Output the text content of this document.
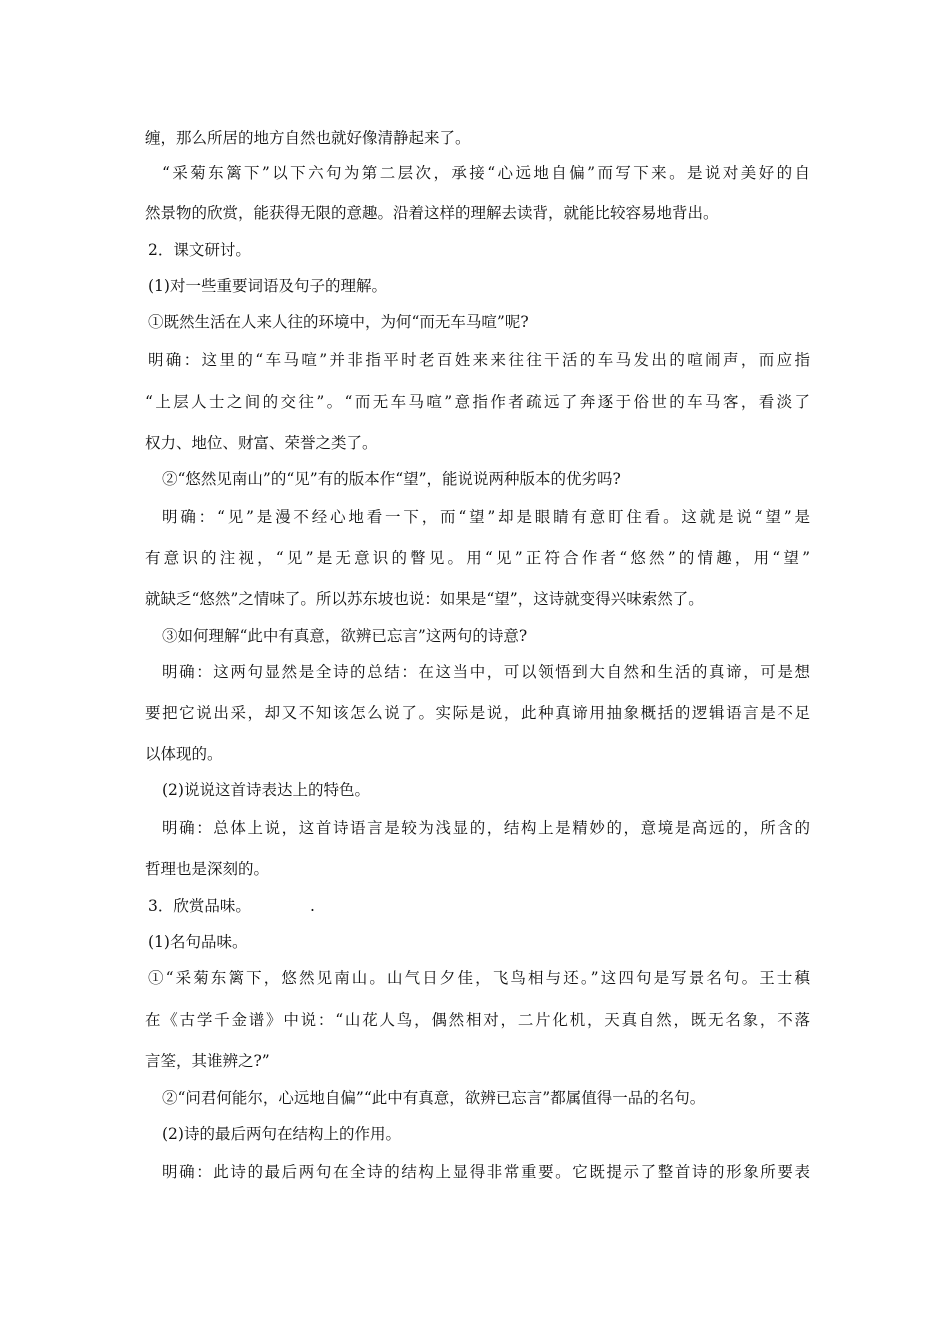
缠，那么所居的地方自然也就好像清静起来了。
“采菊东篱下”以下六句为第二层次，承接“心远地自偏”而写下来。是说对美好的自
然景物的欣赏，能获得无限的意趣。沿着这样的理解去读背，就能比较容易地背出。
2．课文研讨。
(1)对一些重要词语及句子的理解。
①既然生活在人来人往的环境中，为何“而无车马喧”呢?
明确：这里的“车马喧”并非指平时老百姓来来往往干活的车马发出的喧闹声，而应指
“上层人士之间的交往”。“而无车马喧”意指作者疏远了奔逐于俗世的车马客，看淡了
权力、地位、财富、荣誉之类了。
②“悠然见南山”的“见”有的版本作“望”，能说说两种版本的优劣吗?
明确：“见”是漫不经心地看一下，而“望”却是眼睛有意盯住看。这就是说“望”是
有意识的注视，“见”是无意识的瞥见。用“见”正符合作者“悠然”的情趣，用“望”
就缺乏“悠然”之情味了。所以苏东坡也说：如果是“望”，这诗就变得兴味索然了。
③如何理解“此中有真意，欲辨已忘言”这两句的诗意?
明确：这两句显然是全诗的总结：在这当中，可以领悟到大自然和生活的真谛，可是想
要把它说出采，却又不知该怎么说了。实际是说，此种真谛用抽象概括的逻辑语言是不足
以体现的。
(2)说说这首诗表达上的特色。
明确：总体上说，这首诗语言是较为浅显的，结构上是精妙的，意境是高远的，所含的
哲理也是深刻的。
3．欣赏品味。            .
(1)名句品味。
①“采菊东篱下，悠然见南山。山气日夕佳，飞鸟相与还。”这四句是写景名句。王士稹
在《古学千金谱》中说：“山花人鸟，偶然相对，二片化机，天真自然，既无名象，不落
言筌，其谁辨之?”
②“问君何能尔，心远地自偏”“此中有真意，欲辨已忘言”都属值得一品的名句。
(2)诗的最后两句在结构上的作用。
明确：此诗的最后两句在全诗的结构上显得非常重要。它既提示了整首诗的形象所要表
